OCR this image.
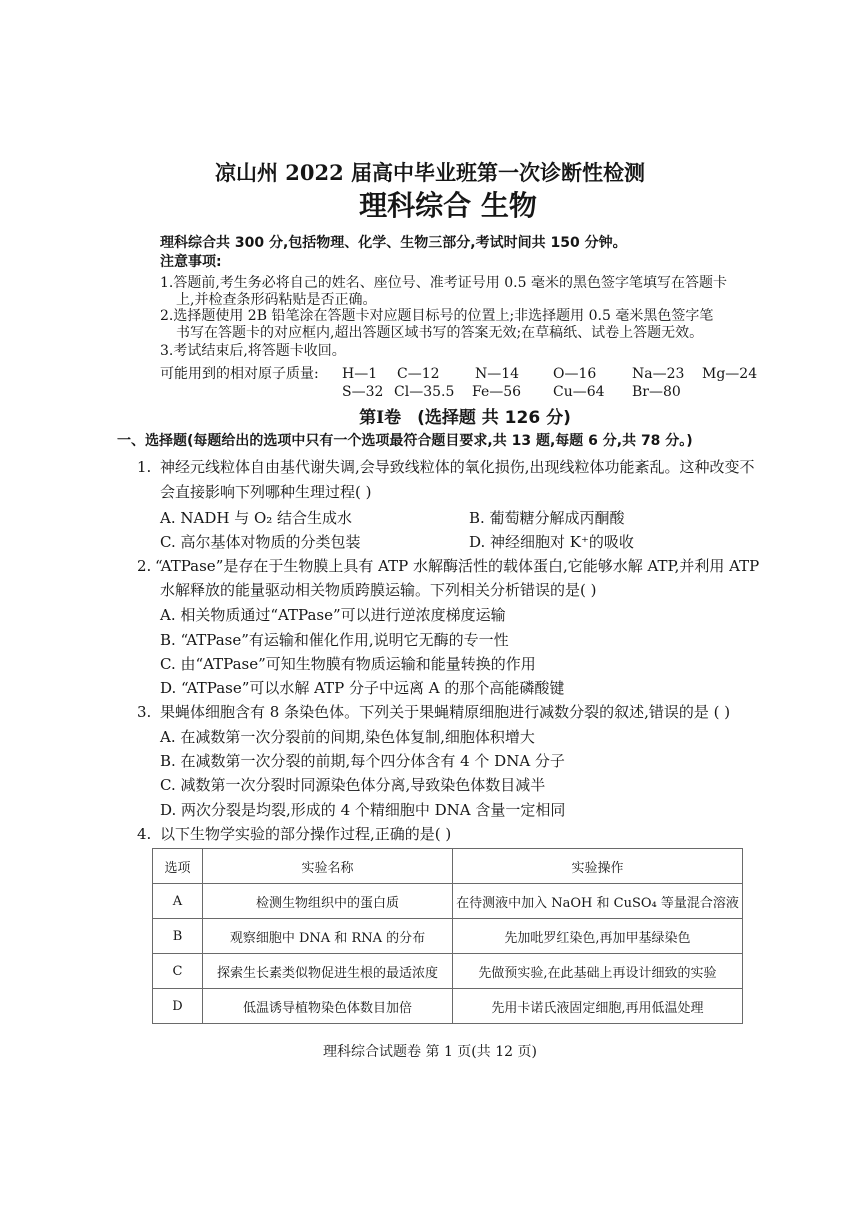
凉山州 2022 届高中毕业班第一次诊断性检测
理科综合 生物
理科综合共 300 分,包括物理、化学、生物三部分,考试时间共 150 分钟。
注意事项:
1.答题前,考生务必将自己的姓名、座位号、准考证号用 0.5 毫米的黑色签字笔填写在答题卡
上,并检查条形码粘贴是否正确。
2.选择题使用 2B 铅笔涂在答题卡对应题目标号的位置上;非选择题用 0.5 毫米黑色签字笔
书写在答题卡的对应框内,超出答题区域书写的答案无效;在草稿纸、试卷上答题无效。
3.考试结束后,将答题卡收回。
可能用到的相对原子质量: H—1 C—12	N—14 O—16	Na—23 Mg—24
S—32 Cl—35.5 Fe—56 Cu—64 Br—80
第Ⅰ卷 (选择题 共 126 分)
一、选择题(每题给出的选项中只有一个选项最符合题目要求,共 13 题,每题 6 分,共 78 分。)
1. 神经元线粒体自由基代谢失调,会导致线粒体的氧化损伤,出现线粒体功能紊乱。这种改变不
会直接影响下列哪种生理过程( )
A. NADH 与 O₂ 结合生成水	B. 葡萄糖分解成丙酮酸
C. 高尔基体对物质的分类包装	D. 神经细胞对 K⁺的吸收
2. “ATPase”是存在于生物膜上具有 ATP 水解酶活性的载体蛋白,它能够水解 ATP,并利用 ATP
水解释放的能量驱动相关物质跨膜运输。下列相关分析错误的是( )
A. 相关物质通过“ATPase”可以进行逆浓度梯度运输
B. “ATPase”有运输和催化作用,说明它无酶的专一性
C. 由“ATPase”可知生物膜有物质运输和能量转换的作用
D. “ATPase”可以水解 ATP 分子中远离 A 的那个高能磷酸键
3. 果蝇体细胞含有 8 条染色体。下列关于果蝇精原细胞进行减数分裂的叙述,错误的是 ( )
A. 在减数第一次分裂前的间期,染色体复制,细胞体积增大
B. 在减数第一次分裂的前期,每个四分体含有 4 个 DNA 分子
C. 减数第一次分裂时同源染色体分离,导致染色体数目减半
D. 两次分裂是均裂,形成的 4 个精细胞中 DNA 含量一定相同
4. 以下生物学实验的部分操作过程,正确的是( )
选项	实验名称	实验操作
A	检测生物组织中的蛋白质	在待测液中加入 NaOH 和 CuSO₄ 等量混合溶液
B	观察细胞中 DNA 和 RNA 的分布	先加吡罗红染色,再加甲基绿染色
C	探索生长素类似物促进生根的最适浓度	先做预实验,在此基础上再设计细致的实验
D	低温诱导植物染色体数目加倍	先用卡诺氏液固定细胞,再用低温处理
理科综合试题卷 第 1 页(共 12 页)
